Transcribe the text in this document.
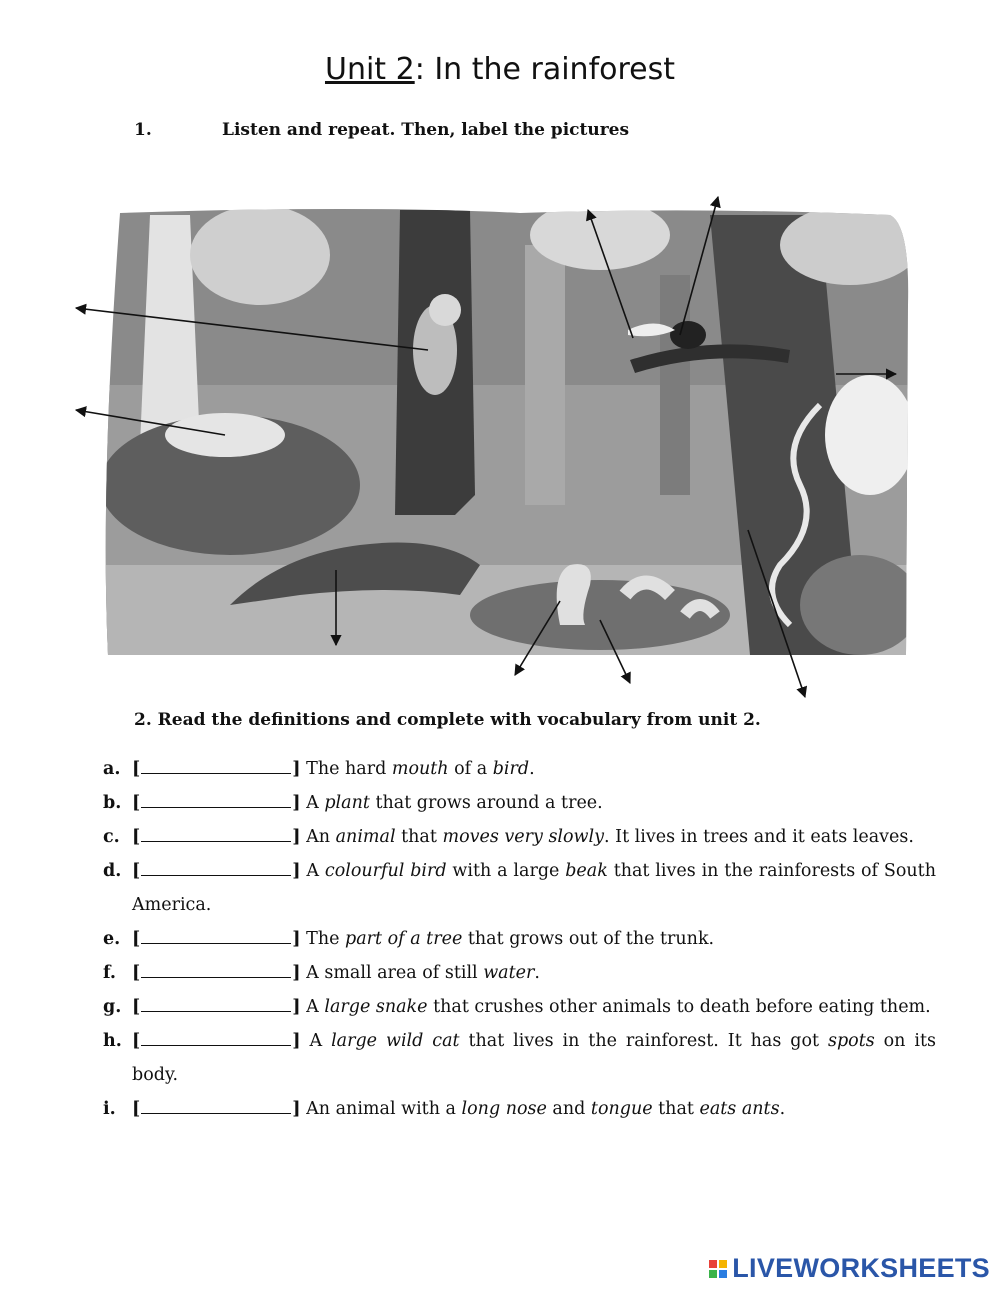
Unit 2: In the rainforest
1.	Listen and repeat. Then, label the pictures
2. Read the definitions and complete with vocabulary from unit 2.
a. [	] The hard mouth of a bird.
b. [	] A plant that grows around a tree.
c. [	] An animal that moves very slowly. It lives in trees and it eats leaves.
d. [	] A colourful bird with a large beak that lives in the rainforests of South America.
e. [	] The part of a tree that grows out of the trunk.
f. [	] A small area of still water.
g. [	] A large snake that crushes other animals to death before eating them.
h. [	] A large wild cat that lives in the rainforest. It has got spots on its body.
i. [	] An animal with a long nose and tongue that eats ants.
LIVEWORKSHEETS
